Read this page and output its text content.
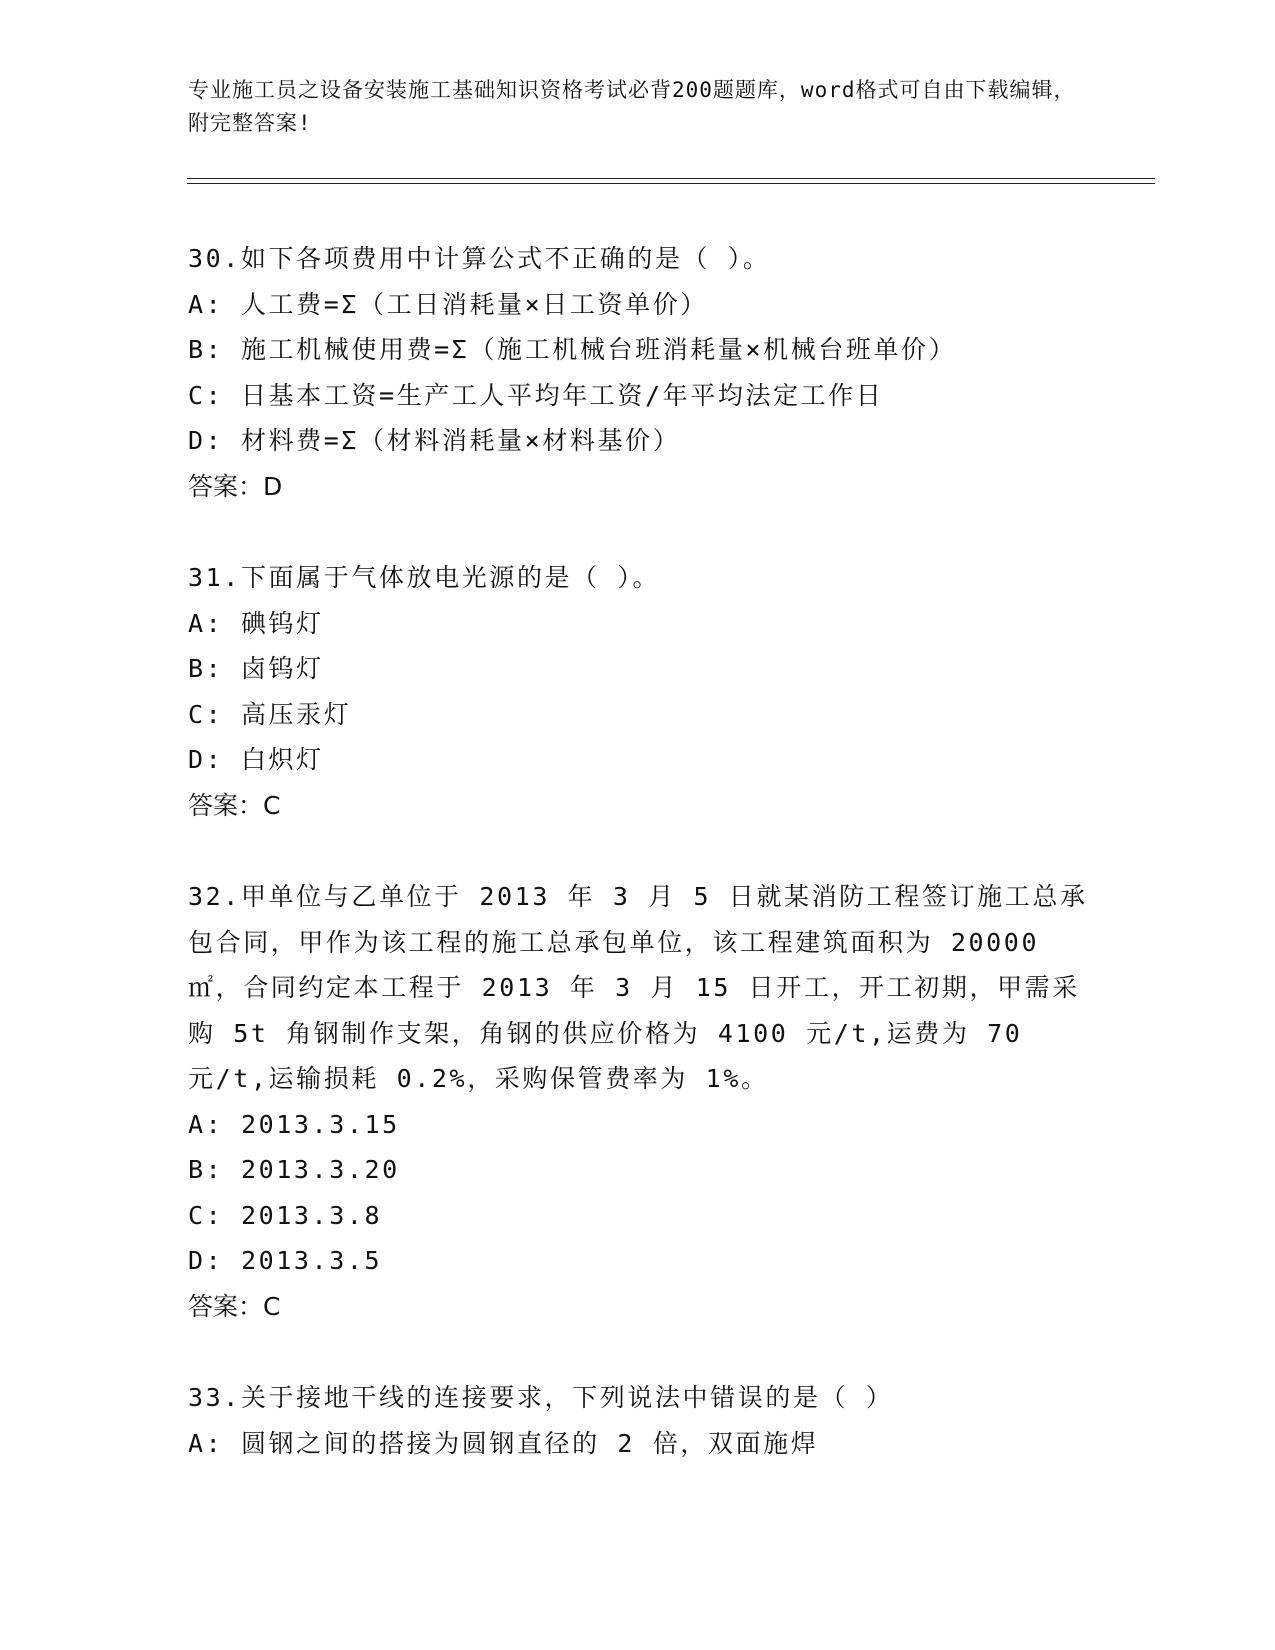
专业施工员之设备安装施工基础知识资格考试必背200题题库，word格式可自由下载编辑，附完整答案!

30.如下各项费用中计算公式不正确的是（ ）。

A: 人工费=Σ（工日消耗量×日工资单价）

B: 施工机械使用费=Σ（施工机械台班消耗量×机械台班单价）

C: 日基本工资=生产工人平均年工资/年平均法定工作日

D: 材料费=Σ（材料消耗量×材料基价）

答案：D

31.下面属于气体放电光源的是（ ）。

A: 碘钨灯

B: 卤钨灯

C: 高压汞灯

D: 白炽灯

答案：C

32.甲单位与乙单位于 2013 年 3 月 5 日就某消防工程签订施工总承包合同，甲作为该工程的施工总承包单位，该工程建筑面积为 20000㎡，合同约定本工程于 2013 年 3 月 15 日开工，开工初期，甲需采购 5t 角钢制作支架，角钢的供应价格为 4100 元/t,运费为 70 元/t,运输损耗 0.2%，采购保管费率为 1%。

A: 2013.3.15

B: 2013.3.20

C: 2013.3.8

D: 2013.3.5

答案：C

33.关于接地干线的连接要求，下列说法中错误的是（ ）

A: 圆钢之间的搭接为圆钢直径的 2 倍，双面施焊
